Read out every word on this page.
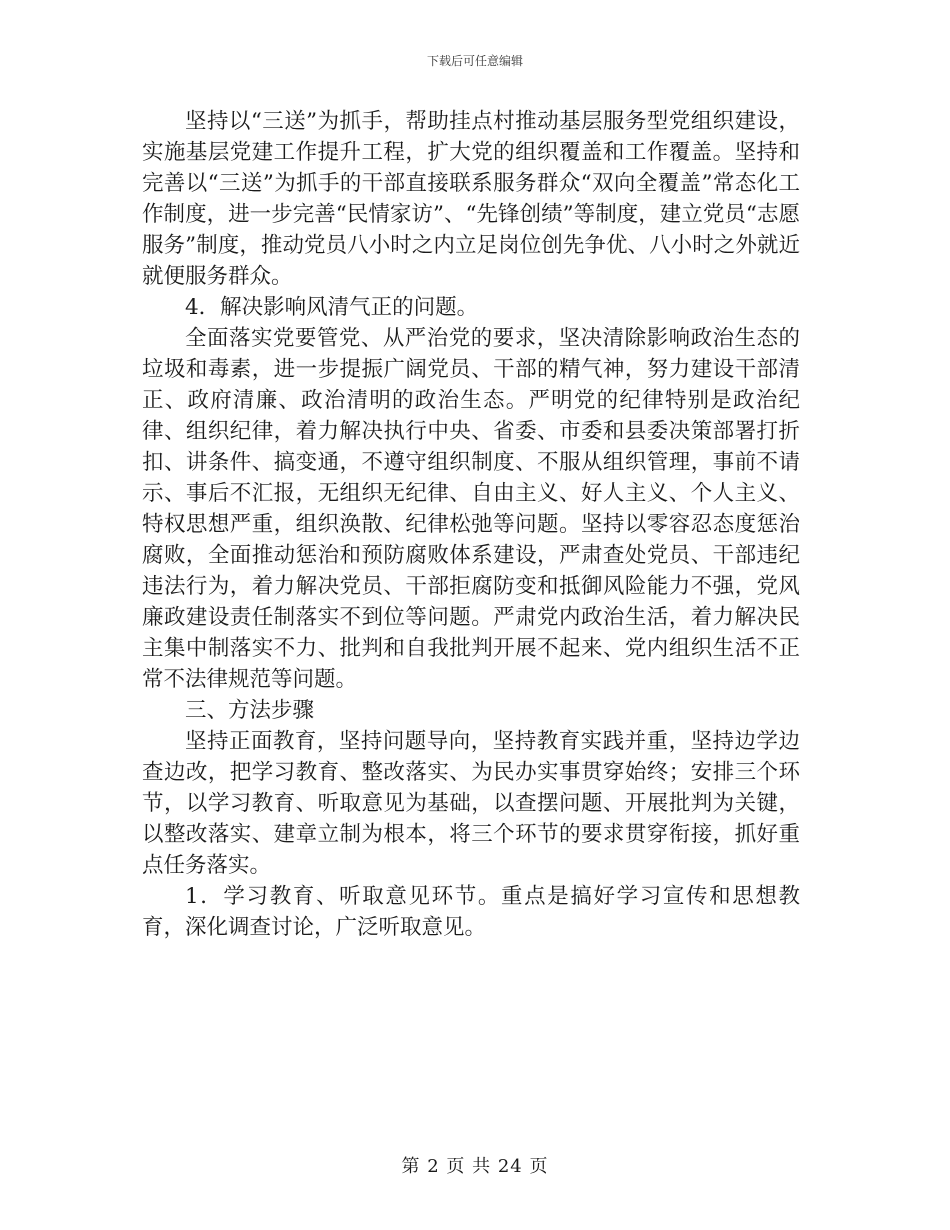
下载后可任意编辑

坚持以“三送”为抓手，帮助挂点村推动基层服务型党组织建设，实施基层党建工作提升工程，扩大党的组织覆盖和工作覆盖。坚持和完善以“三送”为抓手的干部直接联系服务群众“双向全覆盖”常态化工作制度，进一步完善“民情家访”、“先锋创绩”等制度，建立党员“志愿服务”制度，推动党员八小时之内立足岗位创先争优、八小时之外就近就便服务群众。

4．解决影响风清气正的问题。

全面落实党要管党、从严治党的要求，坚决清除影响政治生态的垃圾和毒素，进一步提振广阔党员、干部的精气神，努力建设干部清正、政府清廉、政治清明的政治生态。严明党的纪律特别是政治纪律、组织纪律，着力解决执行中央、省委、市委和县委决策部署打折扣、讲条件、搞变通，不遵守组织制度、不服从组织管理，事前不请示、事后不汇报，无组织无纪律、自由主义、好人主义、个人主义、特权思想严重，组织涣散、纪律松弛等问题。坚持以零容忍态度惩治腐败，全面推动惩治和预防腐败体系建设，严肃查处党员、干部违纪违法行为，着力解决党员、干部拒腐防变和抵御风险能力不强，党风廉政建设责任制落实不到位等问题。严肃党内政治生活，着力解决民主集中制落实不力、批判和自我批判开展不起来、党内组织生活不正常不法律规范等问题。

三、方法步骤

坚持正面教育，坚持问题导向，坚持教育实践并重，坚持边学边查边改，把学习教育、整改落实、为民办实事贯穿始终；安排三个环节，以学习教育、听取意见为基础，以查摆问题、开展批判为关键，以整改落实、建章立制为根本，将三个环节的要求贯穿衔接，抓好重点任务落实。

1．学习教育、听取意见环节。重点是搞好学习宣传和思想教育，深化调查讨论，广泛听取意见。

第 2 页 共 24 页
